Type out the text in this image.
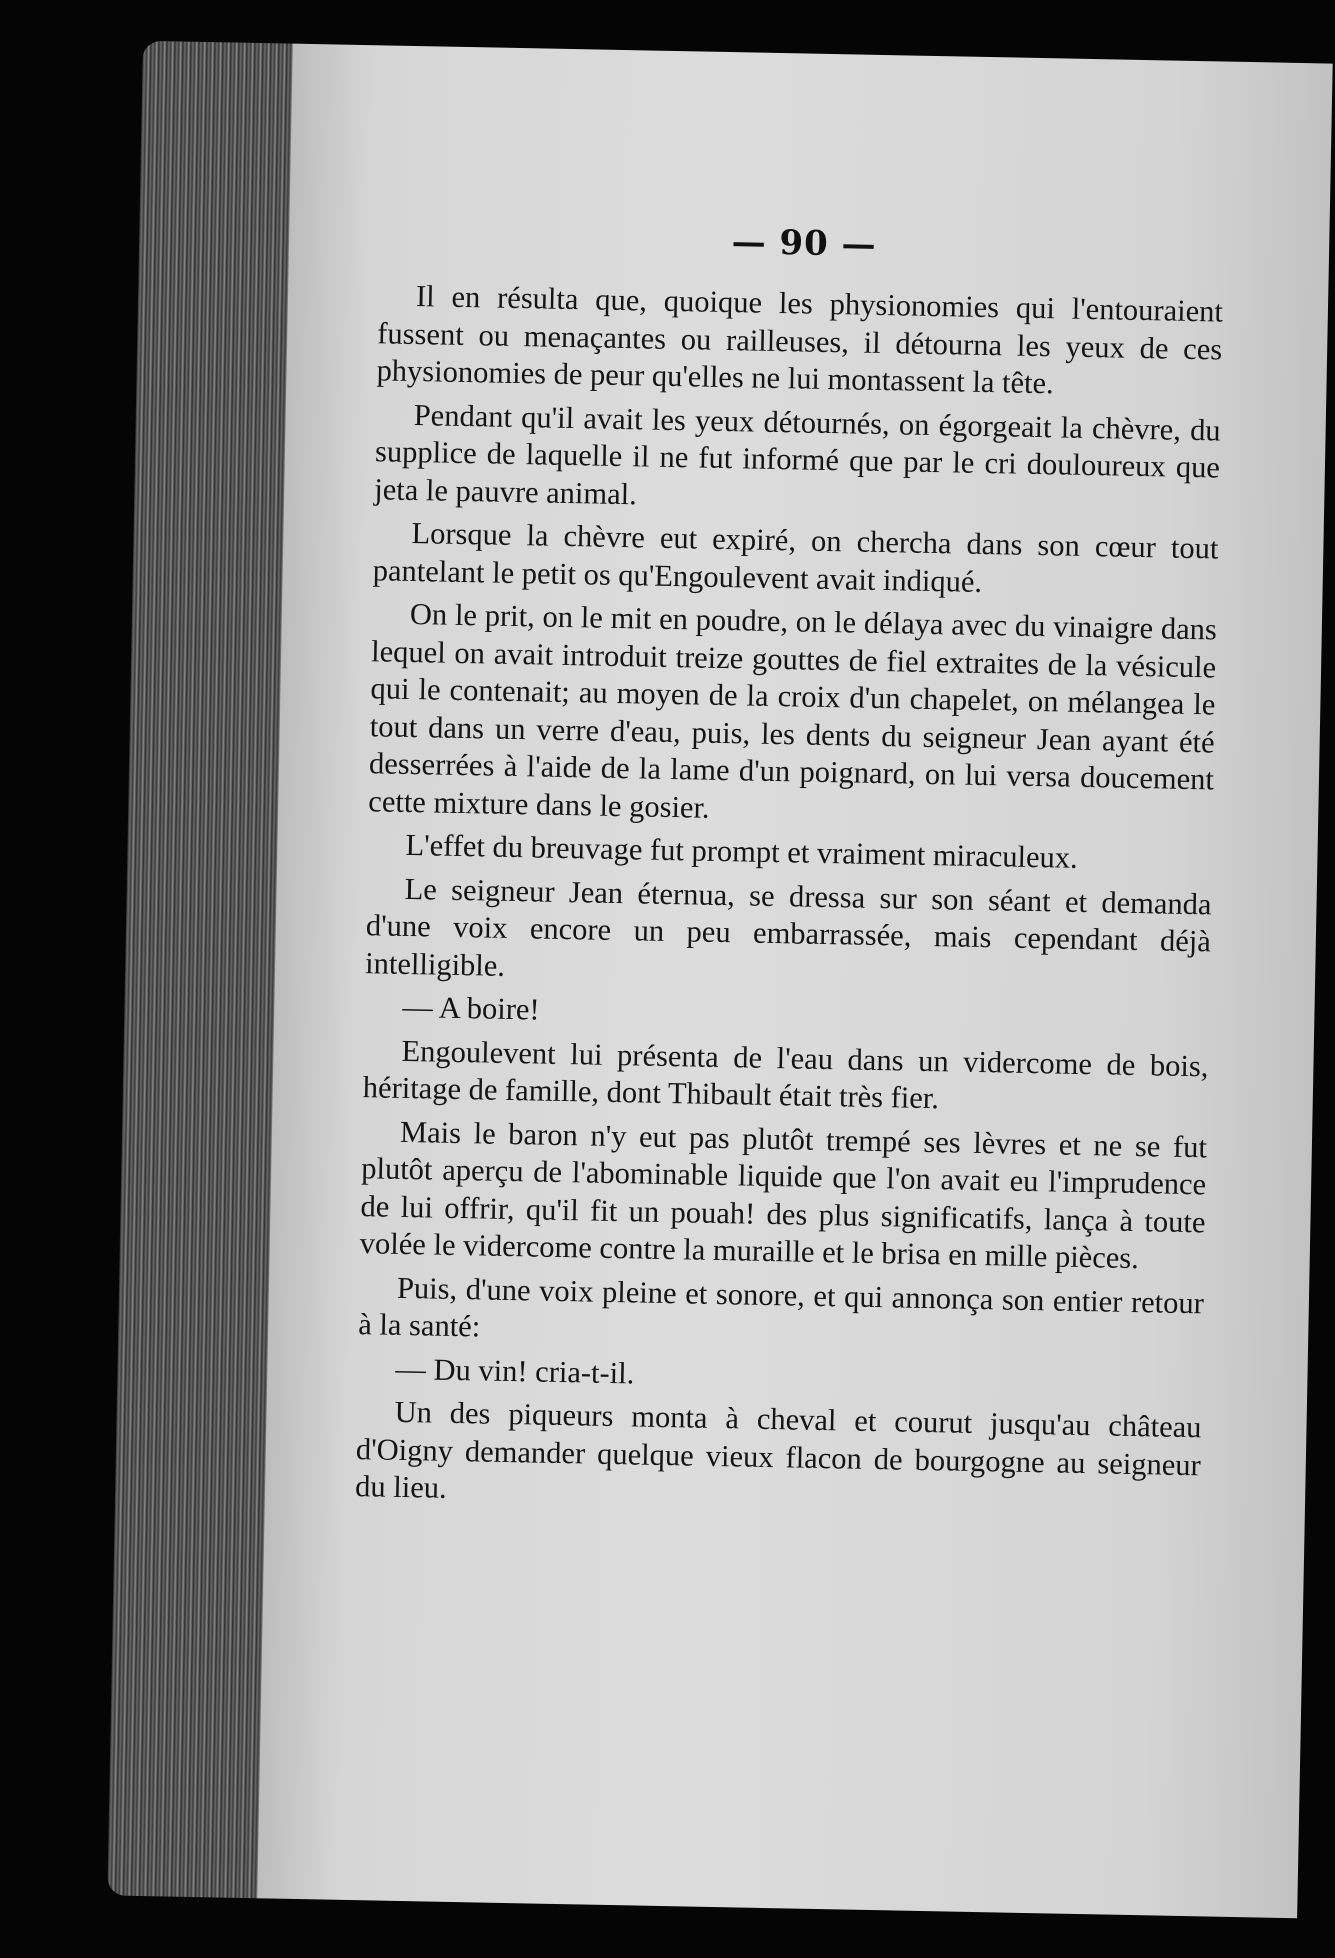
— 90 —

Il en résulta que, quoique les physionomies qui l'entouraient fussent ou menaçantes ou railleuses, il détourna les yeux de ces physionomies de peur qu'elles ne lui montassent la tête.

Pendant qu'il avait les yeux détournés, on égorgeait la chèvre, du supplice de laquelle il ne fut informé que par le cri douloureux que jeta le pauvre animal.

Lorsque la chèvre eut expiré, on chercha dans son cœur tout pantelant le petit os qu'Engoulevent avait indiqué.

On le prit, on le mit en poudre, on le délaya avec du vinaigre dans lequel on avait introduit treize gouttes de fiel extraites de la vésicule qui le contenait; au moyen de la croix d'un chapelet, on mélangea le tout dans un verre d'eau, puis, les dents du seigneur Jean ayant été desserrées à l'aide de la lame d'un poignard, on lui versa doucement cette mixture dans le gosier.

L'effet du breuvage fut prompt et vraiment miraculeux.

Le seigneur Jean éternua, se dressa sur son séant et demanda d'une voix encore un peu embarrassée, mais cependant déjà intelligible.

— A boire!

Engoulevent lui présenta de l'eau dans un vidercome de bois, héritage de famille, dont Thibault était très fier.

Mais le baron n'y eut pas plutôt trempé ses lèvres et ne se fut plutôt aperçu de l'abominable liquide que l'on avait eu l'imprudence de lui offrir, qu'il fit un pouah! des plus significatifs, lança à toute volée le vidercome contre la muraille et le brisa en mille pièces.

Puis, d'une voix pleine et sonore, et qui annonça son entier retour à la santé:

— Du vin! cria-t-il.

Un des piqueurs monta à cheval et courut jusqu'au château d'Oigny demander quelque vieux flacon de bourgogne au seigneur du lieu.
